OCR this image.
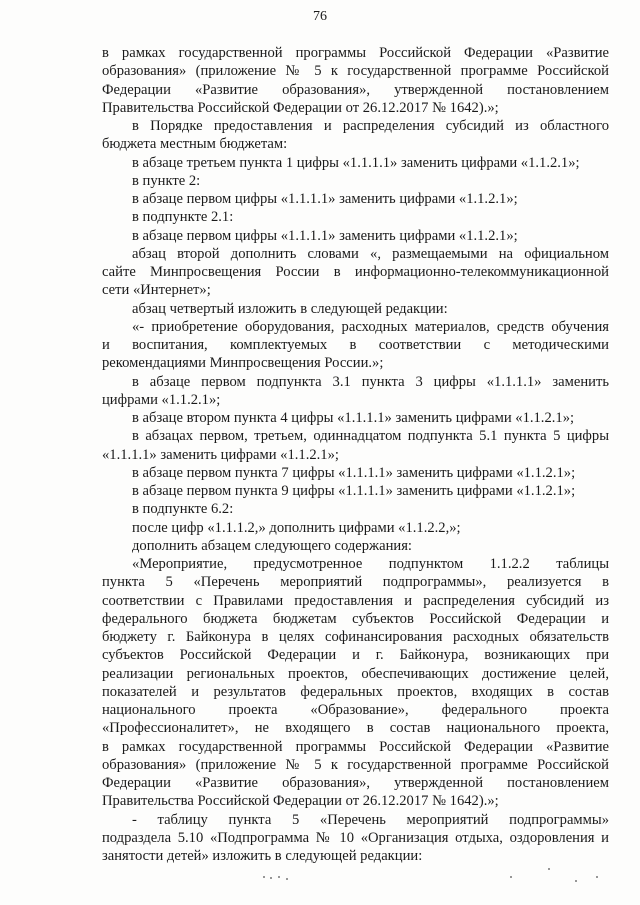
76

в рамках государственной программы Российской Федерации «Развитие

образования» (приложение № 5 к государственной программе Российской

Федерации «Развитие образования», утвержденной постановлением

Правительства Российской Федерации от 26.12.2017 № 1642).»;

в Порядке предоставления и распределения субсидий из областного

бюджета местным бюджетам:

в абзаце третьем пункта 1 цифры «1.1.1.1» заменить цифрами «1.1.2.1»;

в пункте 2:

в абзаце первом цифры «1.1.1.1» заменить цифрами «1.1.2.1»;

в подпункте 2.1:

в абзаце первом цифры «1.1.1.1» заменить цифрами «1.1.2.1»;

абзац второй дополнить словами «, размещаемыми на официальном

сайте Минпросвещения России в информационно-телекоммуникационной

сети «Интернет»;

абзац четвертый изложить в следующей редакции:

«- приобретение оборудования, расходных материалов, средств обучения

и воспитания, комплектуемых в соответствии с методическими

рекомендациями Минпросвещения России.»;

в абзаце первом подпункта 3.1 пункта 3 цифры «1.1.1.1» заменить

цифрами «1.1.2.1»;

в абзаце втором пункта 4 цифры «1.1.1.1» заменить цифрами «1.1.2.1»;

в абзацах первом, третьем, одиннадцатом подпункта 5.1 пункта 5 цифры

«1.1.1.1» заменить цифрами «1.1.2.1»;

в абзаце первом пункта 7 цифры «1.1.1.1» заменить цифрами «1.1.2.1»;

в абзаце первом пункта 9 цифры «1.1.1.1» заменить цифрами «1.1.2.1»;

в подпункте 6.2:

после цифр «1.1.1.2,» дополнить цифрами «1.1.2.2,»;

дополнить абзацем следующего содержания:

«Мероприятие, предусмотренное подпунктом 1.1.2.2 таблицы

пункта 5 «Перечень мероприятий подпрограммы», реализуется в

соответствии с Правилами предоставления и распределения субсидий из

федерального бюджета бюджетам субъектов Российской Федерации и

бюджету г. Байконура в целях софинансирования расходных обязательств

субъектов Российской Федерации и г. Байконура, возникающих при

реализации региональных проектов, обеспечивающих достижение целей,

показателей и результатов федеральных проектов, входящих в состав

национального проекта «Образование», федерального проекта

«Профессионалитет», не входящего в состав национального проекта,

в рамках государственной программы Российской Федерации «Развитие

образования» (приложение № 5 к государственной программе Российской

Федерации «Развитие образования», утвержденной постановлением

Правительства Российской Федерации от 26.12.2017 № 1642).»;

- таблицу пункта 5 «Перечень мероприятий подпрограммы»

подраздела 5.10 «Подпрограмма № 10 «Организация отдыха, оздоровления и

занятости детей» изложить в следующей редакции:
